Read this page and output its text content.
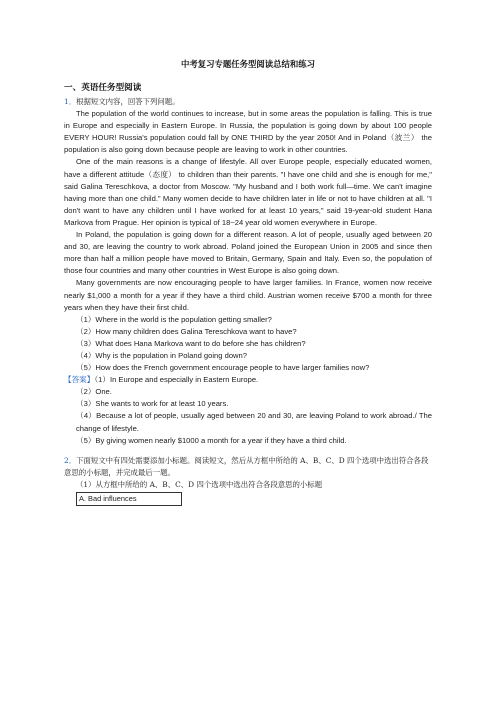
中考复习专题任务型阅读总结和练习
一、英语任务型阅读

1．根据短文内容，回答下列问题。

The population of the world continues to increase, but in some areas the population is falling. This is true in Europe and especially in Eastern Europe. In Russia, the population is going down by about 100 people EVERY HOUR! Russia's population could fall by ONE THIRD by the year 2050! And in Poland（波兰） the population is also going down because people are leaving to work in other countries.

One of the main reasons is a change of lifestyle. All over Europe people, especially educated women, have a different attitude（态度） to children than their parents. "I have one child and she is enough for me," said Galina Tereschkova, a doctor from Moscow. "My husband and I both work full—time. We can't imagine having more than one child." Many women decide to have children later in life or not to have children at all. "I don't want to have any children until I have worked for at least 10 years," said 19-year-old student Hana Markova from Prague. Her opinion is typical of 18~24 year old women everywhere in Europe.

In Poland, the population is going down for a different reason. A lot of people, usually aged between 20 and 30, are leaving the country to work abroad. Poland joined the European Union in 2005 and since then more than half a million people have moved to Britain, Germany, Spain and Italy. Even so, the population of those four countries and many other countries in West Europe is also going down.

Many governments are now encouraging people to have larger families. In France, women now receive nearly $1,000 a month for a year if they have a third child. Austrian women receive $700 a month for three years when they have their first child.

（1）Where in the world is the population getting smaller?

（2）How many children does Galina Tereschkova want to have?

（3）What does Hana Markova want to do before she has children?

（4）Why is the population in Poland going down?

（5）How does the French government encourage people to have larger families now?

【答案】（1）In Europe and especially in Eastern Europe.

（2）One.

（3）She wants to work for at least 10 years.

（4）Because a lot of people, usually aged between 20 and 30, are leaving Poland to work abroad./ The change of lifestyle.

（5）By giving women nearly $1000 a month for a year if they have a third child.

2．下面短文中有四处需要添加小标题。阅读短文，然后从方框中所给的 A、B、C、D 四个选项中选出符合各段意思的小标题，并完成最后一题。

（1）从方框中所给的 A、B、C、D 四个选项中选出符合各段意思的小标题

A. Bad influences
